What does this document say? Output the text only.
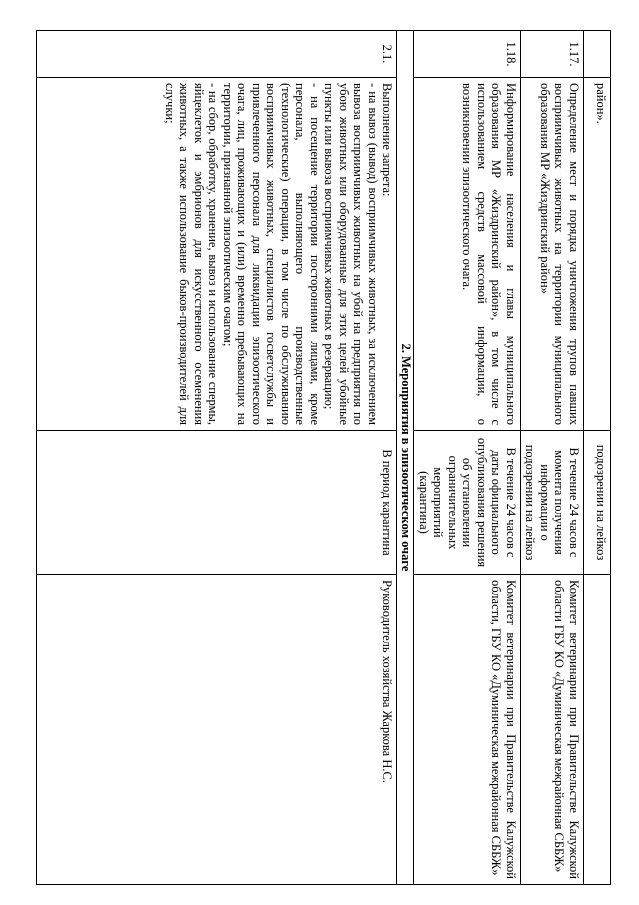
	район».	подозрении на лейкоз	
1.17.	Определение мест и порядка уничтожения трупов павших восприимчивых животных на территории муниципального образования МР «Жиздринский район»	В течение 24 часов с момента получения информации о подозрении на лейкоз	Комитет ветеринарии при Правительстве Калужской области ГБУ КО «Думиническая межрайонная СББЖ»
1.18.	Информирование населения и главы муниципального образования МР «Жиздринский район», в том числе с использованием средств массовой информации, о возникновении эпизоотического очага.	В течение 24 часов с даты официального опубликования решения об установлении ограничительных мероприятий (карантина)	Комитет ветеринарии при Правительстве Калужской области, ГБУ КО «Думиническая межрайонная СББЖ»
2. Мероприятия в эпизоотическом очаге			
2.1.	Выполнение запрета:
- на вывоз (вывод) восприимчивых животных, за исключением вывоза восприимчивых животных на убой на предприятия по убою животных или оборудованные для этих целей убойные пункты или вывоза восприимчивых животных в резервацию;
- на посещение территории посторонними лицами, кроме персонала, выполняющего производственные (технологические) операции, в том числе по обслуживанию восприимчивых животных, специалистов госветслужбы и привлеченного персонала для ликвидации эпизоотического очага, лиц, проживающих и (или) временно пребывающих на территории, признанной эпизоотическим очагом;
- на сбор, обработку, хранение, вывоз и использование спермы, яйцеклеток и эмбрионов для искусственного осеменения животных, а также использование быков-производителей для случки;	В период карантина	Руководитель хозяйства Жаркова Н.С.
